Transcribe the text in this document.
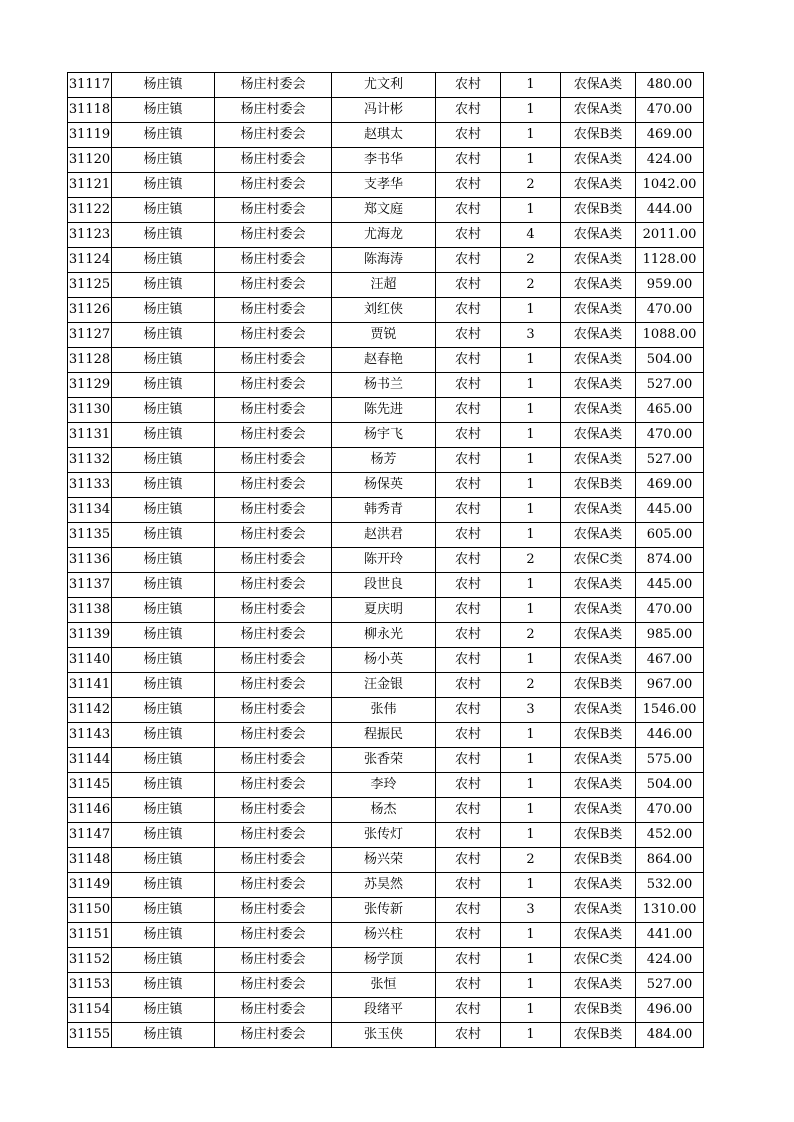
31117	杨庄镇	杨庄村委会	尤文利	农村	1	农保A类	480.00
31118	杨庄镇	杨庄村委会	冯计彬	农村	1	农保A类	470.00
31119	杨庄镇	杨庄村委会	赵琪太	农村	1	农保B类	469.00
31120	杨庄镇	杨庄村委会	李书华	农村	1	农保A类	424.00
31121	杨庄镇	杨庄村委会	支孝华	农村	2	农保A类	1042.00
31122	杨庄镇	杨庄村委会	郑文庭	农村	1	农保B类	444.00
31123	杨庄镇	杨庄村委会	尤海龙	农村	4	农保A类	2011.00
31124	杨庄镇	杨庄村委会	陈海涛	农村	2	农保A类	1128.00
31125	杨庄镇	杨庄村委会	汪超	农村	2	农保A类	959.00
31126	杨庄镇	杨庄村委会	刘红侠	农村	1	农保A类	470.00
31127	杨庄镇	杨庄村委会	贾锐	农村	3	农保A类	1088.00
31128	杨庄镇	杨庄村委会	赵春艳	农村	1	农保A类	504.00
31129	杨庄镇	杨庄村委会	杨书兰	农村	1	农保A类	527.00
31130	杨庄镇	杨庄村委会	陈先进	农村	1	农保A类	465.00
31131	杨庄镇	杨庄村委会	杨宇飞	农村	1	农保A类	470.00
31132	杨庄镇	杨庄村委会	杨芳	农村	1	农保A类	527.00
31133	杨庄镇	杨庄村委会	杨保英	农村	1	农保B类	469.00
31134	杨庄镇	杨庄村委会	韩秀青	农村	1	农保A类	445.00
31135	杨庄镇	杨庄村委会	赵洪君	农村	1	农保A类	605.00
31136	杨庄镇	杨庄村委会	陈开玲	农村	2	农保C类	874.00
31137	杨庄镇	杨庄村委会	段世良	农村	1	农保A类	445.00
31138	杨庄镇	杨庄村委会	夏庆明	农村	1	农保A类	470.00
31139	杨庄镇	杨庄村委会	柳永光	农村	2	农保A类	985.00
31140	杨庄镇	杨庄村委会	杨小英	农村	1	农保A类	467.00
31141	杨庄镇	杨庄村委会	汪金银	农村	2	农保B类	967.00
31142	杨庄镇	杨庄村委会	张伟	农村	3	农保A类	1546.00
31143	杨庄镇	杨庄村委会	程振民	农村	1	农保B类	446.00
31144	杨庄镇	杨庄村委会	张香荣	农村	1	农保A类	575.00
31145	杨庄镇	杨庄村委会	李玲	农村	1	农保A类	504.00
31146	杨庄镇	杨庄村委会	杨杰	农村	1	农保A类	470.00
31147	杨庄镇	杨庄村委会	张传灯	农村	1	农保B类	452.00
31148	杨庄镇	杨庄村委会	杨兴荣	农村	2	农保B类	864.00
31149	杨庄镇	杨庄村委会	苏昊然	农村	1	农保A类	532.00
31150	杨庄镇	杨庄村委会	张传新	农村	3	农保A类	1310.00
31151	杨庄镇	杨庄村委会	杨兴柱	农村	1	农保A类	441.00
31152	杨庄镇	杨庄村委会	杨学顶	农村	1	农保C类	424.00
31153	杨庄镇	杨庄村委会	张恒	农村	1	农保A类	527.00
31154	杨庄镇	杨庄村委会	段绪平	农村	1	农保B类	496.00
31155	杨庄镇	杨庄村委会	张玉侠	农村	1	农保B类	484.00
